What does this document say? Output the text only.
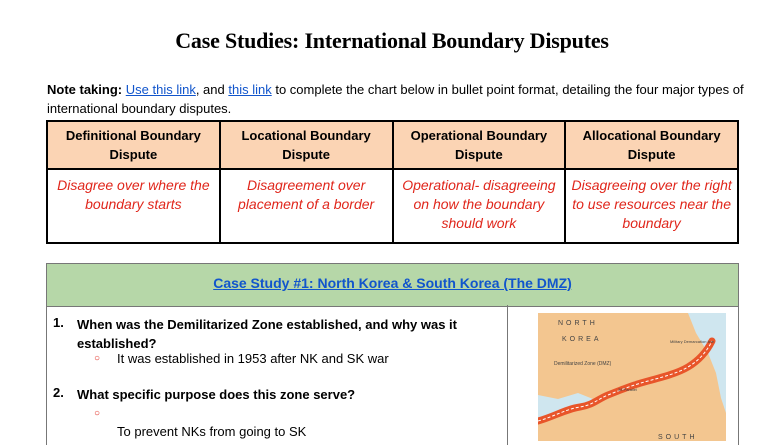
Case Studies: International Boundary Disputes
Note taking: Use this link, and this link to complete the chart below in bullet point format, detailing the four major types of international boundary disputes.
Definitional Boundary Dispute	Locational Boundary Dispute	Operational Boundary Dispute	Allocational Boundary Dispute
Disagree over where the boundary starts	Disagreement over placement of a border	Operational- disagreeing on how the boundary should work	Disagreeing over the right to use resources near the boundary
Case Study #1: North Korea & South Korea (The DMZ)
1. When was the Demilitarized Zone established, and why was it established?
○ It was established in 1953 after NK and SK war
2. What specific purpose does this zone serve?
○
To prevent NKs from going to SK
NORTH
KOREA	Military Demarcation line
Demilitarized Zone (DMZ)
38 Parallel
SOUTH
